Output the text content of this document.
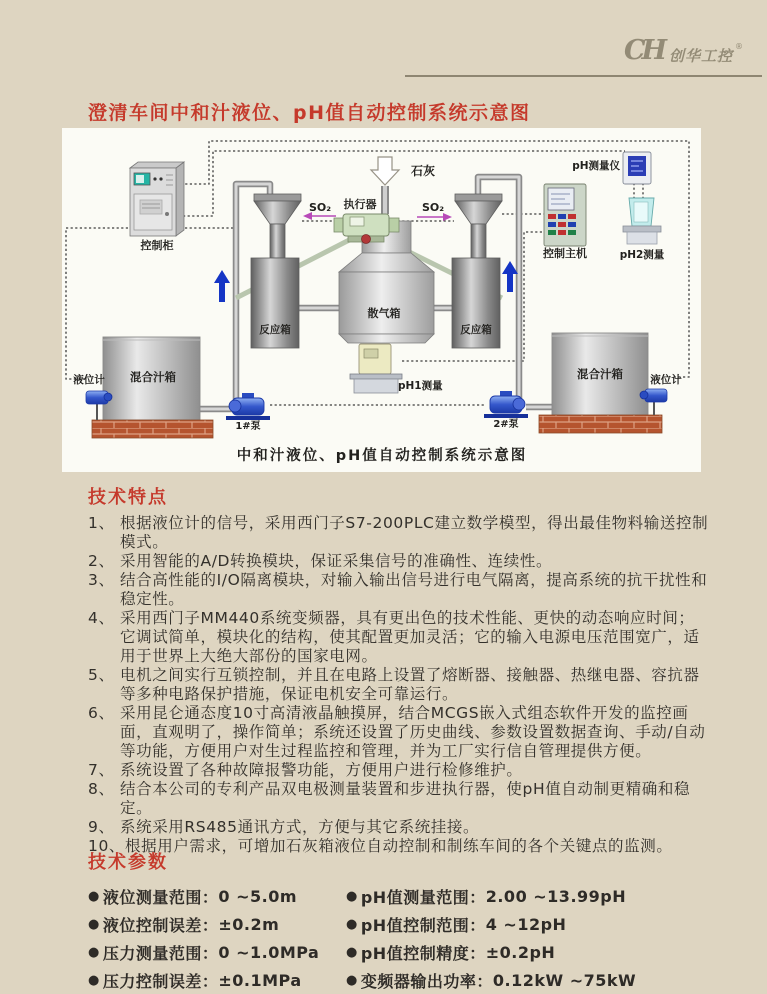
CH 创华工控
®
澄清车间中和汁液位、pH值自动控制系统示意图
石灰
SO₂	SO₂
控制柜
反应箱	反应箱
散气箱
执行器
pH1测量
pH测量仪
控制主机	pH2测量
混合汁箱	混合汁箱
液位计	液位计
1#泵	2#泵
中和汁液位、pH值自动控制系统示意图
技术特点
1、 根据液位计的信号，采用西门子S7-200PLC建立数学模型，得出最佳物料输送控制模式。
2、 采用智能的A/D转换模块，保证采集信号的准确性、连续性。
3、 结合高性能的I/O隔离模块，对输入输出信号进行电气隔离，提高系统的抗干扰性和稳定性。
4、 采用西门子MM440系统变频器，具有更出色的技术性能、更快的动态响应时间；它调试简单，模块化的结构，使其配置更加灵活；它的输入电源电压范围宽广，适用于世界上大绝大部份的国家电网。
5、 电机之间实行互锁控制，并且在电路上设置了熔断器、接触器、热继电器、容抗器等多种电路保护措施，保证电机安全可靠运行。
6、 采用昆仑通态度10寸高清液晶触摸屏，结合MCGS嵌入式组态软件开发的监控画面，直观明了，操作简单；系统还设置了历史曲线、参数设置数据查询、手动/自动等功能，方便用户对生过程监控和管理，并为工厂实行信自管理提供方便。
7、 系统设置了各种故障报警功能，方便用户进行检修维护。
8、 结合本公司的专利产品双电极测量装置和步进执行器，使pH值自动制更精确和稳定。
9、 系统采用RS485通讯方式，方便与其它系统挂接。
10、 根据用户需求，可增加石灰箱液位自动控制和制练车间的各个关键点的监测。
技术参数
● 液位测量范围 ： 0 ~5.0m
● 液位控制误差 ： ±0.2m
● 压力测量范围 ： 0 ~1.0MPa
● 压力控制误差 ： ±0.1MPa
● pH值测量范围 ： 2.00 ~13.99pH
● pH值控制范围 ： 4 ~12pH
● pH值控制精度 ： ±0.2pH
● 变频器输出功率 ： 0.12kW ~75kW
